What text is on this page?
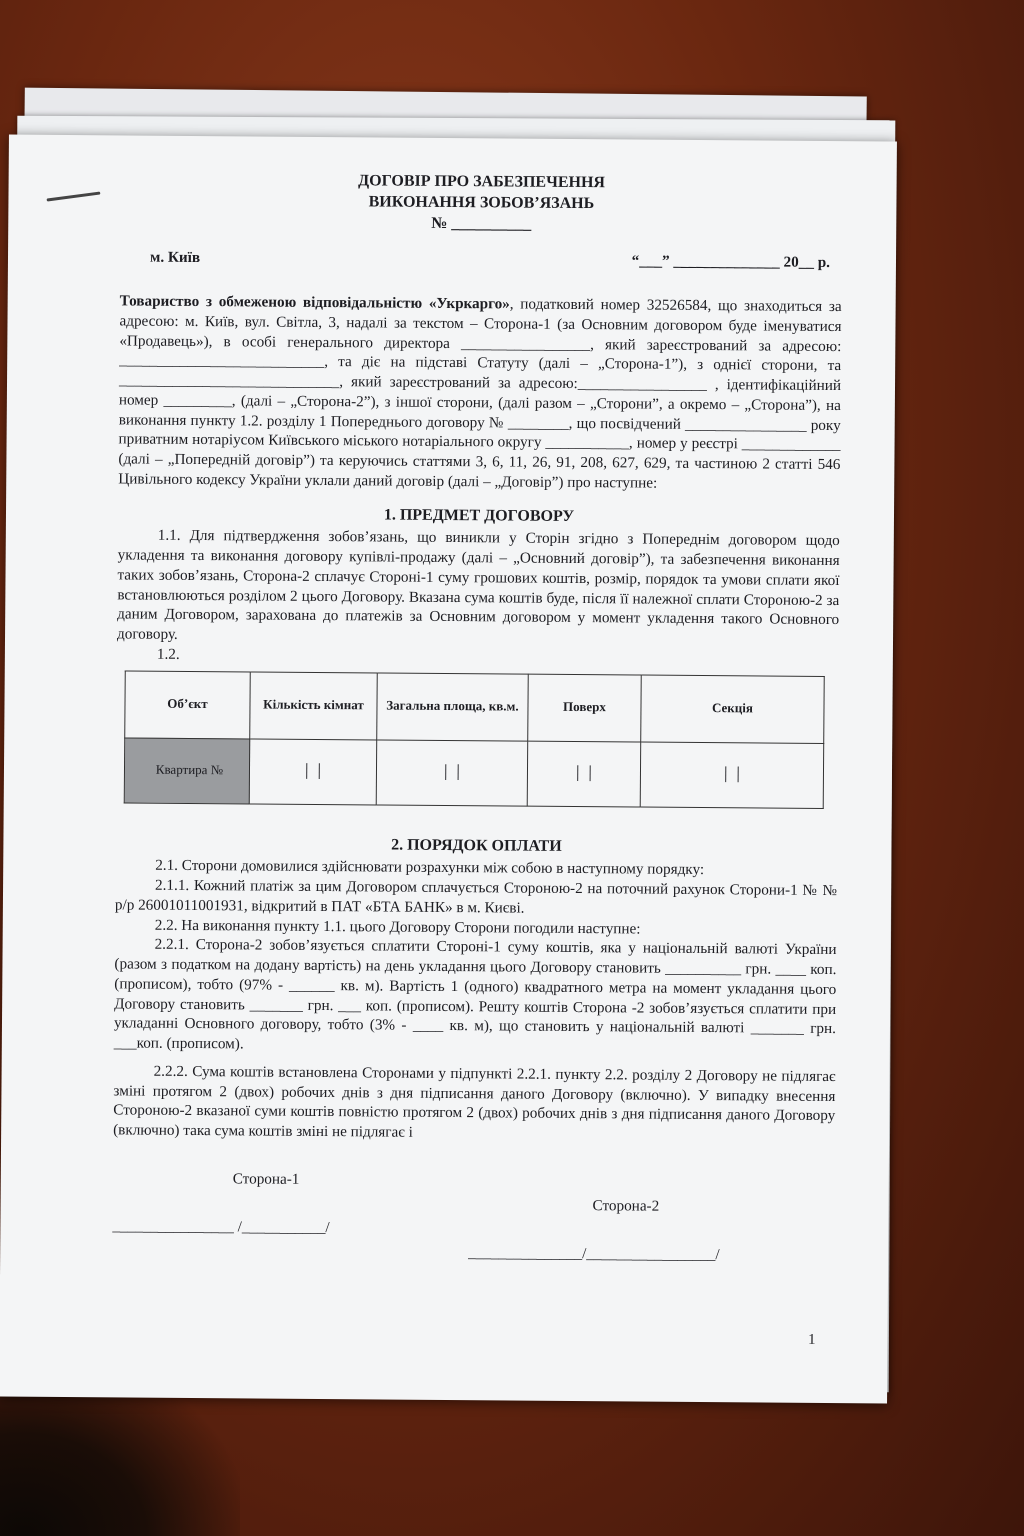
ДОГОВІР ПРО ЗАБЕЗПЕЧЕННЯ
ВИКОНАННЯ ЗОБОВ’ЯЗАНЬ
№ __________
м. Київ	“___” ______________ 20__ р.

Товариство з обмеженою відповідальністю «Укркарго», податковий номер 32526584, що знаходиться за адресою: м. Київ, вул. Світла, 3, надалі за текстом – Сторона-1 (за Основним договором буде іменуватися «Продавець»), в особі генерального директора _________________, який зареєстрований за адресою: ___________________________, та діє на підставі Статуту (далі – „Сторона-1”), з однієї сторони, та _____________________________, який зареєстрований за адресою:_________________ , ідентифікаційний номер _________, (далі – „Сторона-2”), з іншої сторони, (далі разом – „Сторони”, а окремо – „Сторона”), на виконання пункту 1.2. розділу 1 Попереднього договору № ________, що посвідчений ________________ року приватним нотаріусом Київського міського нотаріального округу ___________, номер у реєстрі _____________ (далі – „Попередній договір”) та керуючись статтями 3, 6, 11, 26, 91, 208, 627, 629, та частиною 2 статті 546 Цивільного кодексу України уклали даний договір (далі – „Договір”) про наступне:

1. ПРЕДМЕТ ДОГОВОРУ

1.1. Для підтвердження зобов’язань, що виникли у Сторін згідно з Попереднім договором щодо укладення та виконання договору купівлі-продажу (далі – „Основний договір”), та забезпечення виконання таких зобов’язань, Сторона-2 сплачує Стороні-1 суму грошових коштів, розмір, порядок та умови сплати якої встановлюються розділом 2 цього Договору. Вказана сума коштів буде, після її належної сплати Стороною-2 за даним Договором, зарахована до платежів за Основним договором у момент укладення такого Основного договору.

1.2.

Об’єкт	Кількість кімнат	Загальна площа, кв.м.	Поверх	Секція
Квартира №	│ │	│ │	│ │	│ │
2. ПОРЯДОК ОПЛАТИ

2.1. Сторони домовилися здійснювати розрахунки між собою в наступному порядку:

2.1.1. Кожний платіж за цим Договором сплачується Стороною-2 на поточний рахунок Сторони-1 № № р/р 26001011001931, відкритий в ПАТ «БТА БАНК» в м. Києві.

2.2. На виконання пункту 1.1. цього Договору Сторони погодили наступне:

2.2.1. Сторона-2 зобов’язується сплатити Стороні-1 суму коштів, яка у національній валюті України (разом з податком на додану вартість) на день укладання цього Договору становить __________ грн. ____ коп. (прописом), тобто (97% - ______ кв. м). Вартість 1 (одного) квадратного метра на момент укладання цього Договору становить _______ грн. ___ коп. (прописом). Решту коштів Сторона -2 зобов’язується сплатити при укладанні Основного договору, тобто (3% - ____ кв. м), що становить у національній валюті _______ грн. ___коп. (прописом).

2.2.2. Сума коштів встановлена Сторонами у підпункті 2.2.1. пункту 2.2. розділу 2 Договору не підлягає зміні протягом 2 (двох) робочих днів з дня підписання даного Договору (включно). У випадку внесення Стороною-2 вказаної суми коштів повністю протягом 2 (двох) робочих днів з дня підписання даного Договору (включно) така сума коштів зміні не підлягає і

Сторона-1
Сторона-2
________________ /___________/
_______________/_________________/
1
